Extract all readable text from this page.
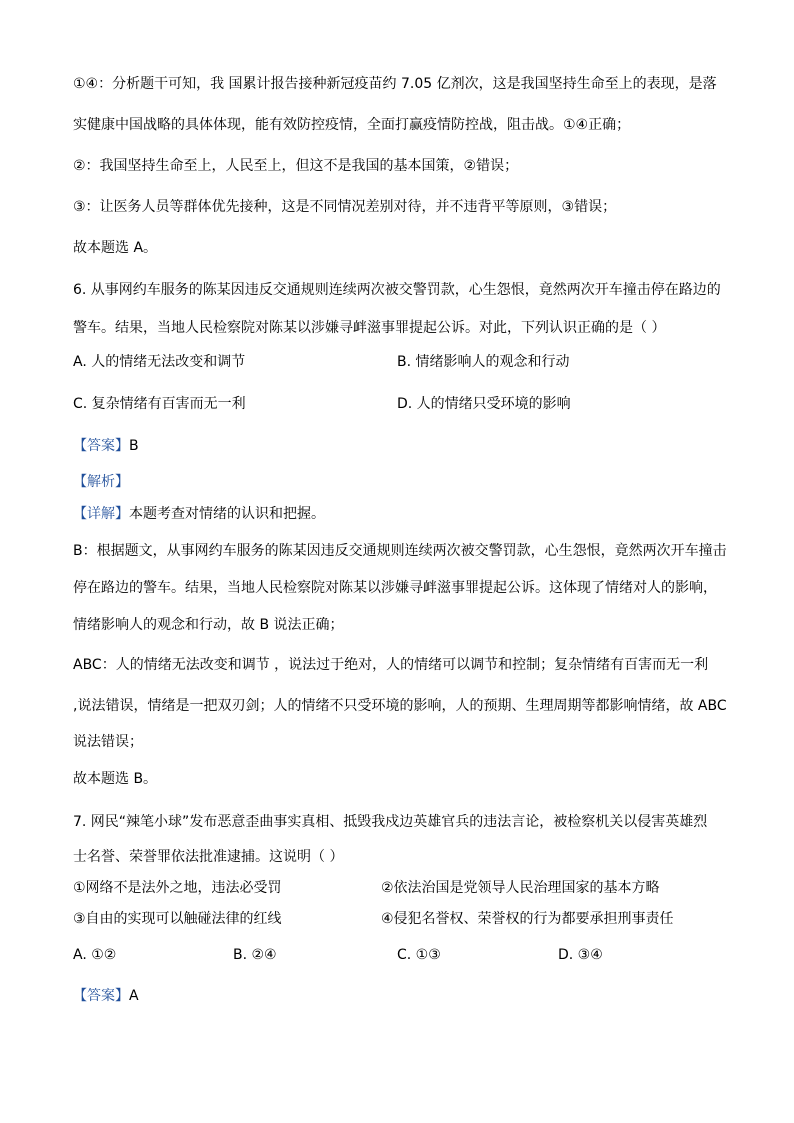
①④：分析题干可知，我 国累计报告接种新冠疫苗约 7.05 亿剂次，这是我国坚持生命至上的表现，是落
实健康中国战略的具体体现，能有效防控疫情，全面打赢疫情防控战，阻击战。①④正确；
②：我国坚持生命至上，人民至上，但这不是我国的基本国策，②错误；
③：让医务人员等群体优先接种，这是不同情况差别对待，并不违背平等原则，③错误；
故本题选 A。
6. 从事网约车服务的陈某因违反交通规则连续两次被交警罚款，心生怨恨，竟然两次开车撞击停在路边的
警车。结果，当地人民检察院对陈某以涉嫌寻衅滋事罪提起公诉。对此，下列认识正确的是（ ）
A. 人的情绪无法改变和调节	B. 情绪影响人的观念和行动
C. 复杂情绪有百害而无一利	D. 人的情绪只受环境的影响
【答案】B
【解析】
【详解】本题考查对情绪的认识和把握。
B：根据题文，从事网约车服务的陈某因违反交通规则连续两次被交警罚款，心生怨恨，竟然两次开车撞击
停在路边的警车。结果，当地人民检察院对陈某以涉嫌寻衅滋事罪提起公诉。这体现了情绪对人的影响，
情绪影响人的观念和行动，故 B 说法正确；
ABC：人的情绪无法改变和调节 ，说法过于绝对，人的情绪可以调节和控制；复杂情绪有百害而无一利
,说法错误，情绪是一把双刃剑；人的情绪不只受环境的影响，人的预期、生理周期等都影响情绪，故 ABC
说法错误；
故本题选 B。
7. 网民“辣笔小球”发布恶意歪曲事实真相、抵毁我戍边英雄官兵的违法言论，被检察机关以侵害英雄烈
士名誉、荣誉罪依法批准逮捕。这说明（ ）
①网络不是法外之地，违法必受罚	②依法治国是党领导人民治理国家的基本方略
③自由的实现可以触碰法律的红线	④侵犯名誉权、荣誉权的行为都要承担刑事责任
A. ①②	B. ②④	C. ①③	D. ③④
【答案】A
